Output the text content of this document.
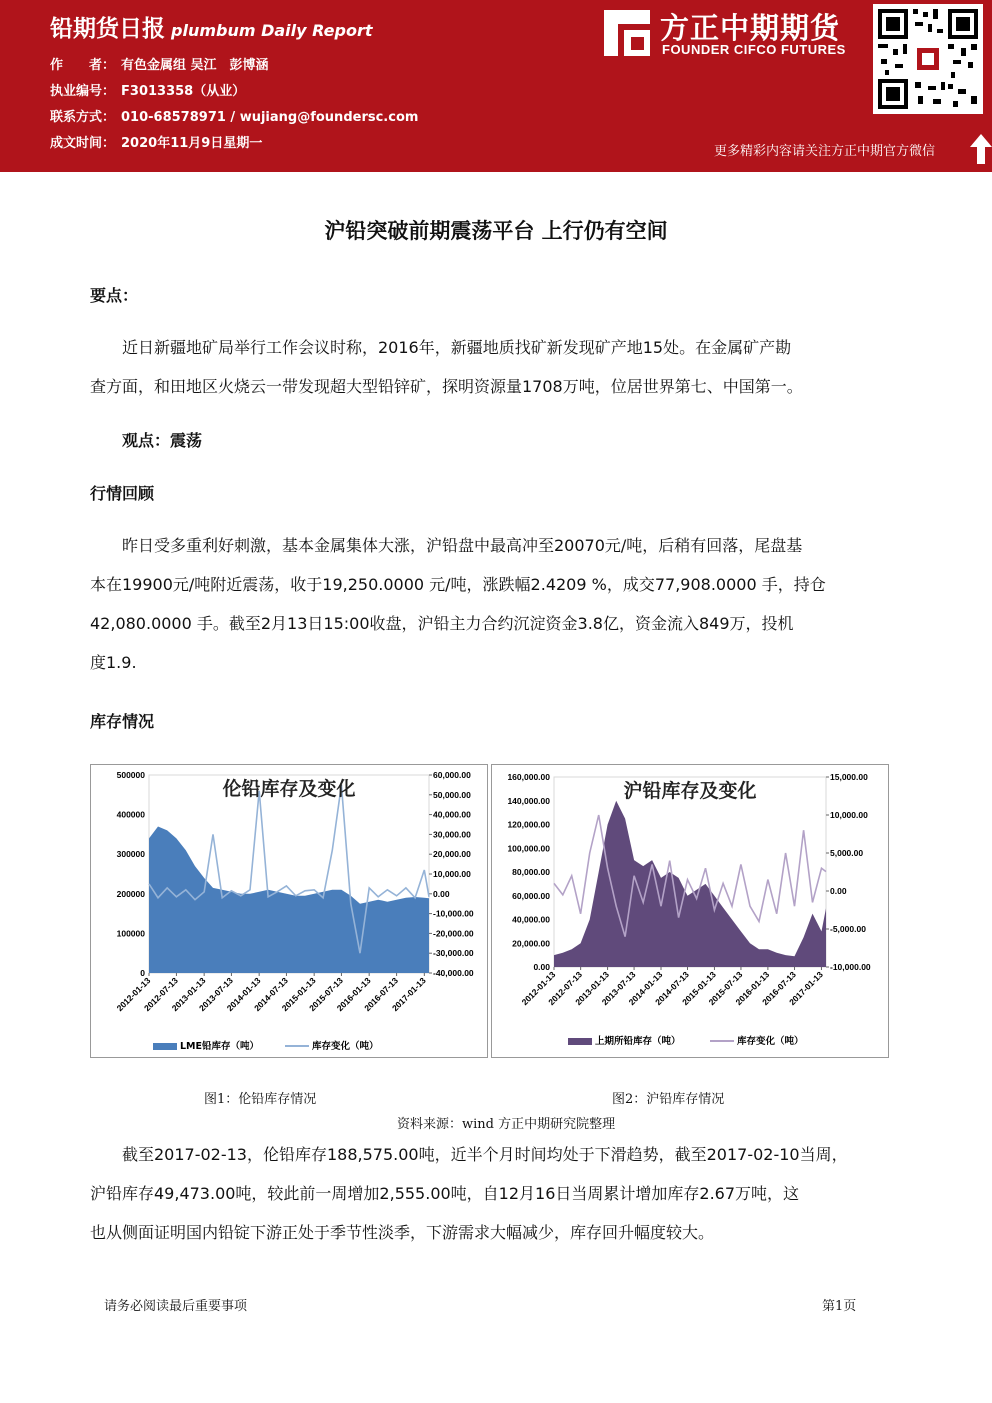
铅期货日报 plumbum Daily Report
作　　者： 有色金属组 吴江　彭博涵
执业编号： F3013358（从业）
联系方式： 010-68578971 / wujiang@foundersc.com
成文时间： 2020年11月9日星期一
方正中期期货
FOUNDER CIFCO FUTURES
更多精彩内容请关注方正中期官方微信
沪铅突破前期震荡平台 上行仍有空间
要点：
　　近日新疆地矿局举行工作会议时称，2016年，新疆地质找矿新发现矿产地15处。在金属矿产勘
查方面，和田地区火烧云一带发现超大型铅锌矿，探明资源量1708万吨，位居世界第七、中国第一。
　　观点：震荡
行情回顾
　　昨日受多重利好刺激，基本金属集体大涨，沪铅盘中最高冲至20070元/吨，后稍有回落，尾盘基
本在19900元/吨附近震荡，收于19,250.0000 元/吨，涨跌幅2.4209 %，成交77,908.0000 手，持仓
42,080.0000 手。截至2月13日15:00收盘，沪铅主力合约沉淀资金3.8亿，资金流入849万，投机
度1.9.
库存情况
500000
400000
300000
200000
100000
0
60,000.00
50,000.00
40,000.00
30,000.00
20,000.00
10,000.00
0.00
-10,000.00
-20,000.00
-30,000.00
-40,000.00
2012-01-13
2012-07-13
2013-01-13
2013-07-13
2014-01-13
2014-07-13
2015-01-13
2015-07-13
2016-01-13
2016-07-13
2017-01-13
伦铅库存及变化
LME铅库存（吨）	库存变化（吨）
160,000.00
140,000.00
120,000.00
100,000.00
80,000.00
60,000.00
40,000.00
20,000.00
0.00
15,000.00
10,000.00
5,000.00
0.00
-5,000.00
-10,000.00
2012-01-13
2012-07-13
2013-01-13
2013-07-13
2014-01-13
2014-07-13
2015-01-13
2015-07-13
2016-01-13
2016-07-13
2017-01-13
沪铅库存及变化
上期所铅库存（吨）	库存变化（吨）
图1：伦铅库存情况	图2：沪铅库存情况
资料来源：wind 方正中期研究院整理
　　截至2017-02-13，伦铅库存188,575.00吨，近半个月时间均处于下滑趋势，截至2017-02-10当周，
沪铅库存49,473.00吨，较此前一周增加2,555.00吨，自12月16日当周累计增加库存2.67万吨，这
也从侧面证明国内铅锭下游正处于季节性淡季，下游需求大幅减少，库存回升幅度较大。
请务必阅读最后重要事项	第1页
